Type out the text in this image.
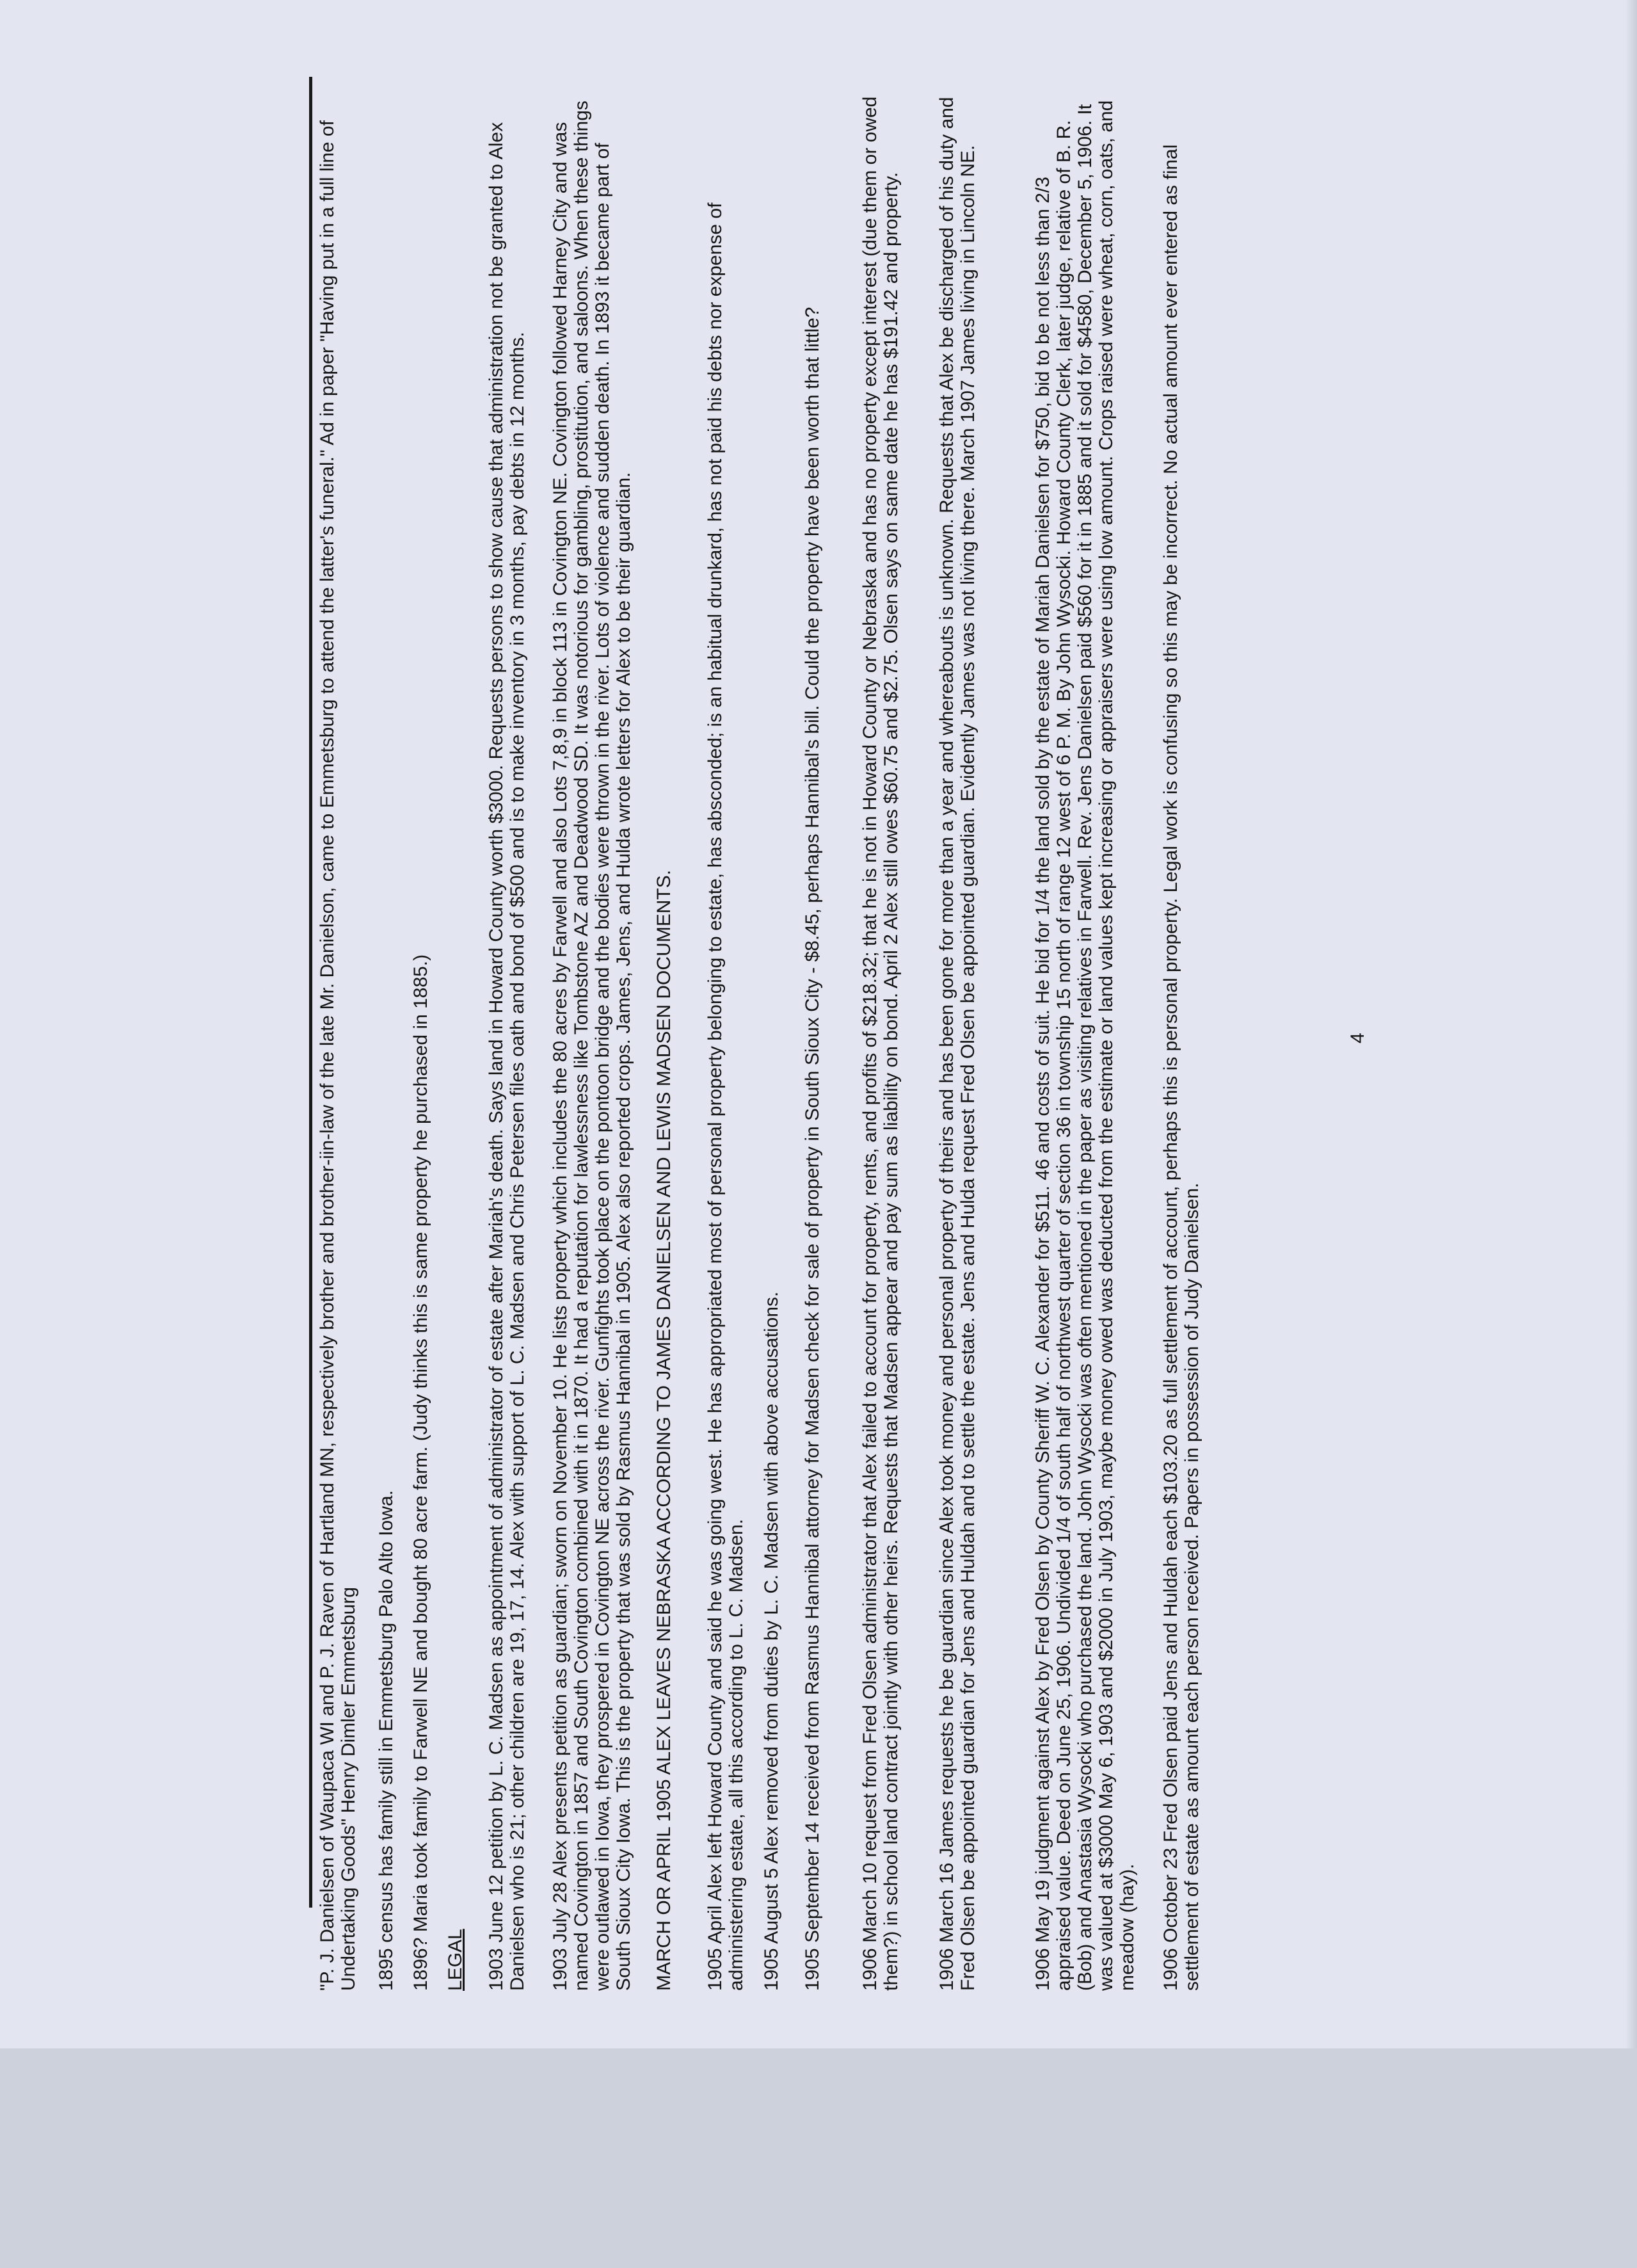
"P. J. Danielsen of Waupaca WI and P. J. Raven of Hartland MN, respectively brother and brother-iin-law of the late Mr. Danielson, came to Emmetsburg to attend the latter's funeral." Ad in paper "Having put in a full line of Undertaking Goods" Henry Dimler Emmetsburg 1895 census has family still in Emmetsburg Palo Alto Iowa. 1896? Maria took family to Farwell NE and bought 80 acre farm. (Judy thinks this is same property he purchased in 1885.) LEGAL 1903 June 12 petition by L. C. Madsen as appointment of administrator of estate after Mariah's death. Says land in Howard County worth $3000. Requests persons to show cause that administration not be granted to Alex Danielsen who is 21; other children are 19, 17, 14. Alex with support of L. C. Madsen and Chris Petersen files oath and bond of $500 and is to make inventory in 3 months, pay debts in 12 months. 1903 July 28 Alex presents petition as guardian; sworn on November 10. He lists property which includes the 80 acres by Farwell and also Lots 7,8,9 in block 113 in Covington NE. Covington followed Harney City and was named Covington in 1857 and South Covington combined with it in 1870. It had a reputation for lawlessness like Tombstone AZ and Deadwood SD. It was notorious for gambling, prostitution, and saloons. When these things were outlawed in Iowa, they prospered in Covington NE across the river. Gunfights took place on the pontoon bridge and the bodies were thrown in the river. Lots of violence and sudden death. In 1893 it became part of South Sioux City Iowa. This is the property that was sold by Rasmus Hannibal in 1905. Alex also reported crops. James, Jens, and Hulda wrote letters for Alex to be their guardian. MARCH OR APRIL 1905 ALEX LEAVES NEBRASKA ACCORDING TO JAMES DANIELSEN AND LEWIS MADSEN DOCUMENTS. 1905 April Alex left Howard County and said he was going west. He has appropriated most of personal property belonging to estate, has absconded; is an habitual drunkard, has not paid his debts nor expense of administering estate, all this according to L. C. Madsen. 1905 August 5 Alex removed from duties by L. C. Madsen with above accusations. 1905 September 14 received from Rasmus Hannibal attorney for Madsen check for sale of property in South Sioux City - $8.45, perhaps Hannibal's bill. Could the property have been worth that little? 1906 March 10 request from Fred Olsen administrator that Alex failed to account for property, rents, and profits of $218.32; that he is not in Howard County or Nebraska and has no property except interest (due them or owed them?) in school land contract jointly with other heirs. Requests that Madsen appear and pay sum as liability on bond. April 2 Alex still owes $60.75 and $2.75. Olsen says on same date he has $191.42 and property. 1906 March 16 James requests he be guardian since Alex took money and personal property of theirs and has been gone for more than a year and whereabouts is unknown. Requests that Alex be discharged of his duty and Fred Olsen be appointed guardian for Jens and Huldah and to settle the estate. Jens and Hulda request Fred Olsen be appointed guardian. Evidently James was not living there. March 1907 James living in Lincoln NE.	1906 May 19 judgment against Alex by Fred Olsen by County Sheriff W. C. Alexander for $511. 46 and costs of suit. He bid for 1/4 the land sold by the estate of Mariah Danielsen for $750, bid to be not less than 2/3 appraised value. Deed on June 25, 1906. Undivided 1/4 of south half of northwest quarter of section 36 in township 15 north of range 12 west of 6 P. M. By John Wysocki. Howard County Clerk, later judge, relative of B. R. (Bob) and Anastasia Wysocki who purchased the land. John Wysocki was often mentioned in the paper as visiting relatives in Farwell. Rev. Jens Danielsen paid $560 for it in 1885 and it sold for $4580, December 5, 1906. It was valued at $3000 May 6, 1903 and $2000 in July 1903, maybe money owed was deducted from the estimate or land values kept increasing or appraisers were using low amount. Crops raised were wheat, corn, oats, and meadow (hay). 1906 October 23 Fred Olsen paid Jens and Huldah each $103.20 as full settlement of account, perhaps this is personal property. Legal work is confusing so this may be incorrect. No actual amount ever entered as final settlement of estate as amount each person received. Papers in possession of Judy Danielsen.

4
